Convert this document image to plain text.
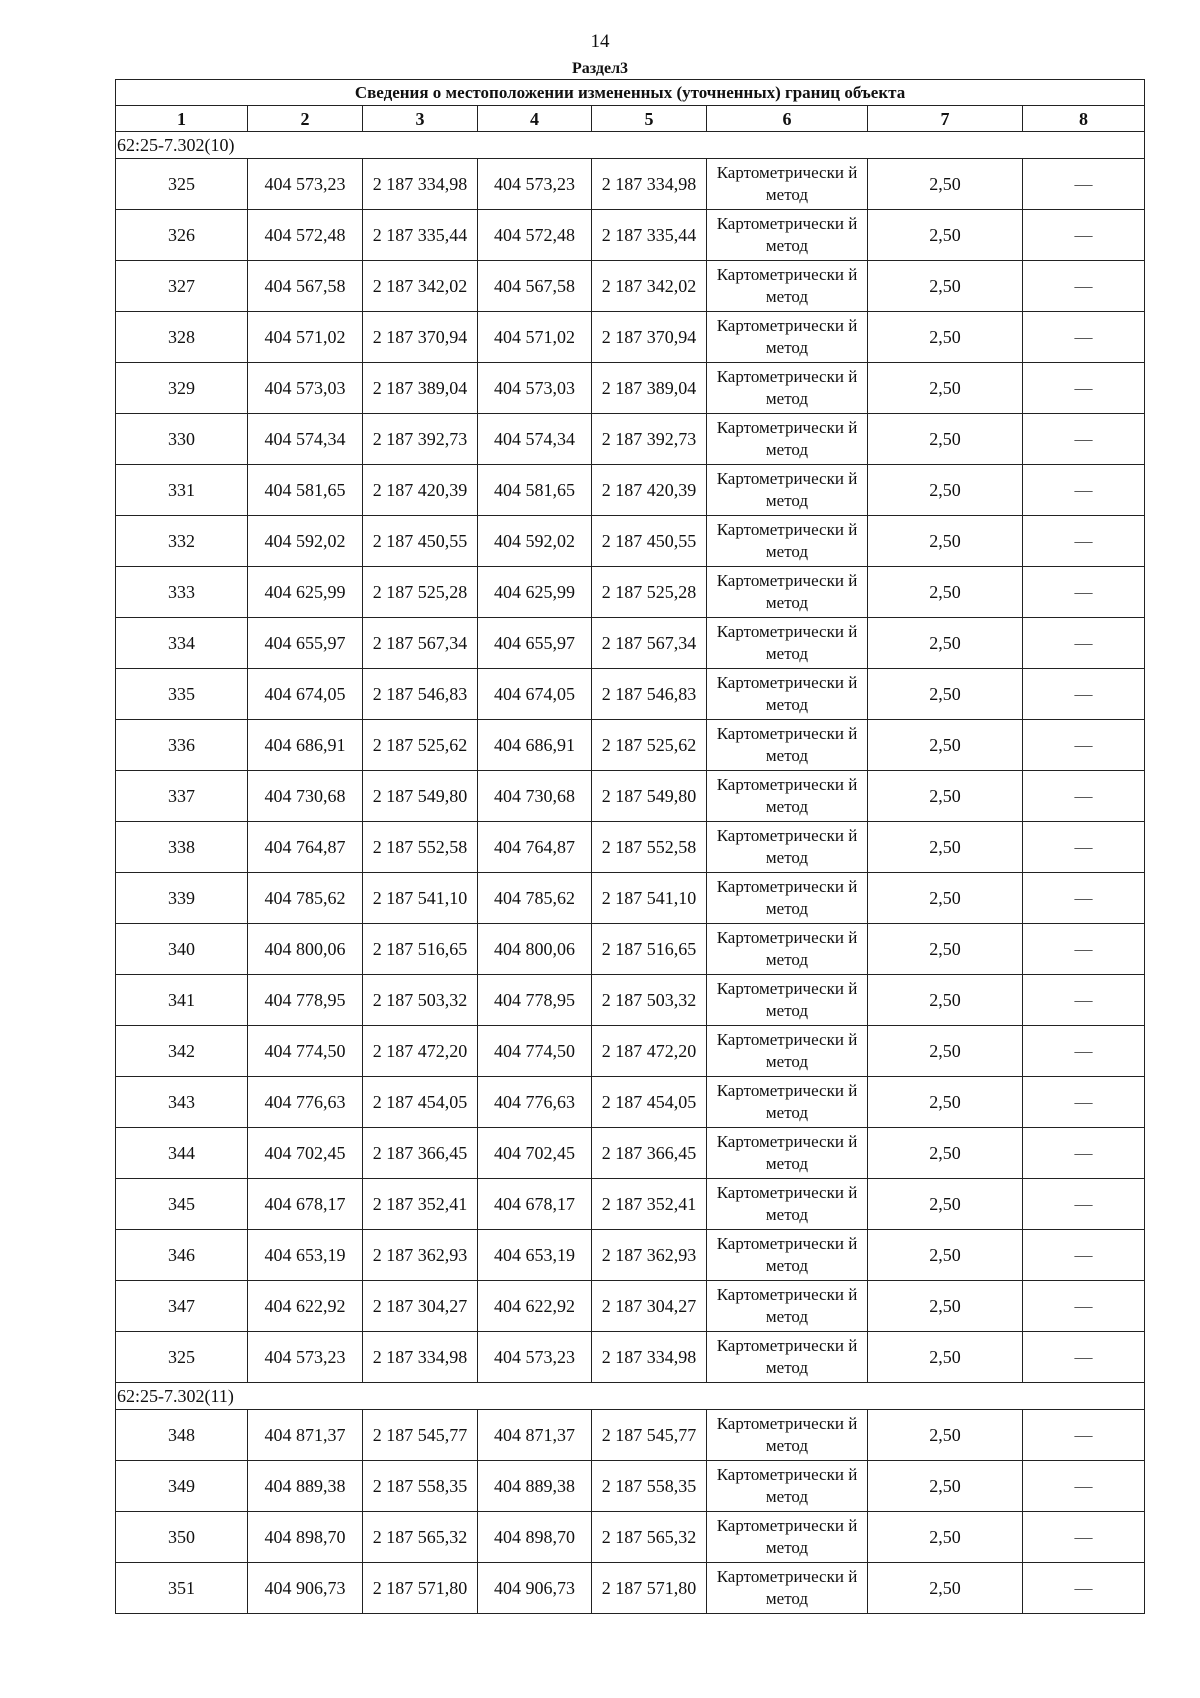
14
Раздел3
Сведения о местоположении измененных (уточненных) границ объекта							
1	2	3	4	5	6	7	8
62:25-7.302(10)							
325	404 573,23	2 187 334,98	404 573,23	2 187 334,98	Картометрически й метод	2,50	—
326	404 572,48	2 187 335,44	404 572,48	2 187 335,44	Картометрически й метод	2,50	—
327	404 567,58	2 187 342,02	404 567,58	2 187 342,02	Картометрически й метод	2,50	—
328	404 571,02	2 187 370,94	404 571,02	2 187 370,94	Картометрически й метод	2,50	—
329	404 573,03	2 187 389,04	404 573,03	2 187 389,04	Картометрически й метод	2,50	—
330	404 574,34	2 187 392,73	404 574,34	2 187 392,73	Картометрически й метод	2,50	—
331	404 581,65	2 187 420,39	404 581,65	2 187 420,39	Картометрически й метод	2,50	—
332	404 592,02	2 187 450,55	404 592,02	2 187 450,55	Картометрически й метод	2,50	—
333	404 625,99	2 187 525,28	404 625,99	2 187 525,28	Картометрически й метод	2,50	—
334	404 655,97	2 187 567,34	404 655,97	2 187 567,34	Картометрически й метод	2,50	—
335	404 674,05	2 187 546,83	404 674,05	2 187 546,83	Картометрически й метод	2,50	—
336	404 686,91	2 187 525,62	404 686,91	2 187 525,62	Картометрически й метод	2,50	—
337	404 730,68	2 187 549,80	404 730,68	2 187 549,80	Картометрически й метод	2,50	—
338	404 764,87	2 187 552,58	404 764,87	2 187 552,58	Картометрически й метод	2,50	—
339	404 785,62	2 187 541,10	404 785,62	2 187 541,10	Картометрически й метод	2,50	—
340	404 800,06	2 187 516,65	404 800,06	2 187 516,65	Картометрически й метод	2,50	—
341	404 778,95	2 187 503,32	404 778,95	2 187 503,32	Картометрически й метод	2,50	—
342	404 774,50	2 187 472,20	404 774,50	2 187 472,20	Картометрически й метод	2,50	—
343	404 776,63	2 187 454,05	404 776,63	2 187 454,05	Картометрически й метод	2,50	—
344	404 702,45	2 187 366,45	404 702,45	2 187 366,45	Картометрически й метод	2,50	—
345	404 678,17	2 187 352,41	404 678,17	2 187 352,41	Картометрически й метод	2,50	—
346	404 653,19	2 187 362,93	404 653,19	2 187 362,93	Картометрически й метод	2,50	—
347	404 622,92	2 187 304,27	404 622,92	2 187 304,27	Картометрически й метод	2,50	—
325	404 573,23	2 187 334,98	404 573,23	2 187 334,98	Картометрически й метод	2,50	—
62:25-7.302(11)							
348	404 871,37	2 187 545,77	404 871,37	2 187 545,77	Картометрически й метод	2,50	—
349	404 889,38	2 187 558,35	404 889,38	2 187 558,35	Картометрически й метод	2,50	—
350	404 898,70	2 187 565,32	404 898,70	2 187 565,32	Картометрически й метод	2,50	—
351	404 906,73	2 187 571,80	404 906,73	2 187 571,80	Картометрически й метод	2,50	—
